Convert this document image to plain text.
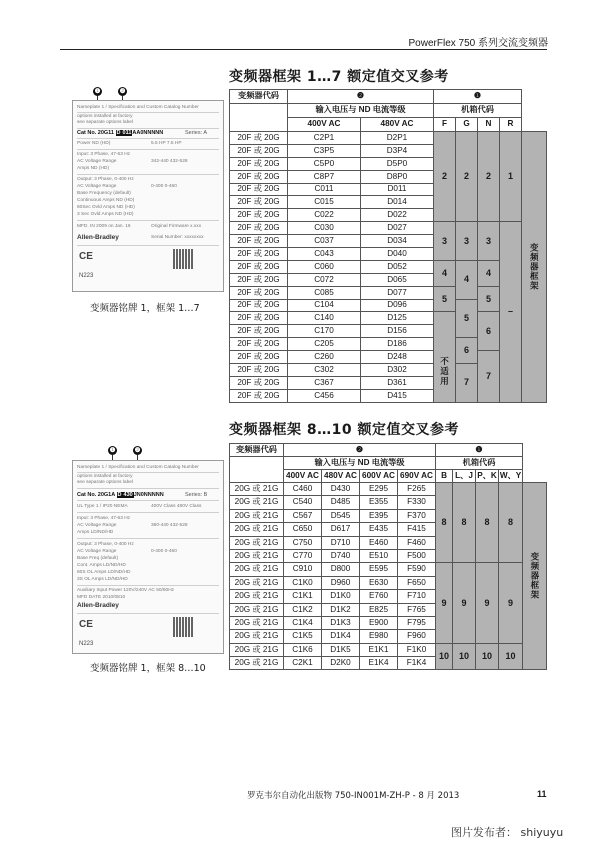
PowerFlex 750 系列交流变频器
变频器框架 1…7 额定值交叉参考
❶	❷
Nameplate 1 / Specification and Custom Catalog Number
options installed at factory
see separate options label
Cat No. 20G11 D 011AA0NNNNN	Series: A
Power ND (HD)	5.5 HP 7.5 HP
Input: 3 Phase, 47-63 Hz
AC Voltage Range	342-440 432-528
Amps ND (HD)
Output: 3 Phase, 0-400 Hz
AC Voltage Range	0-400 0-460
Base Frequency (default)
Continuous Amps ND (HD)
60Sec Ovld Amps ND (HD)
3 Sec Ovld Amps ND (HD)
MFD. IN 2009 on Jan. 16	Original Firmware x.xxx
Allen-Bradley	Serial Number: xxxxxxxx
CE
N223
变频器铭牌 1，框架 1…7
变频器代码	❷		❶				
	输入电压与 ND 电流等级		机箱代码				
	400V AC	480V AC	F	G	N	R	
20F 或 20G	C2P1	D2P1	2	2	2	1	变频器框架
20F 或 20G	C3P5	D3P4					
20F 或 20G	C5P0	D5P0					
20F 或 20G	C8P7	D8P0					
20F 或 20G	C011	D011					
20F 或 20G	C015	D014					
20F 或 20G	C022	D022					
20F 或 20G	C030	D027	3	3	3	–	
20F 或 20G	C037	D034					
20F 或 20G	C043	D040					
20F 或 20G	C060	D052	4	4	4		
20F 或 20G	C072	D065					
20F 或 20G	C085	D077	5		5		
20F 或 20G	C104	D096		5			
20F 或 20G	C140	D125	不适用		6		
20F 或 20G	C170	D156					
20F 或 20G	C205	D186		6			
20F 或 20G	C260	D248			7		
20F 或 20G	C302	D302		7			
20F 或 20G	C367	D361					
20F 或 20G	C456	D415					
变频器框架 8…10 额定值交叉参考
❶	❷
Nameplate 1 / Specification and Custom Catalog Number
options installed at factory
see separate options label
Cat No. 20G1A D 430JN0NNNNN	Series: B
UL Type 1 / IP20 NEMA	400V Class 480V Class
Input: 3 Phase, 47-63 Hz
AC Voltage Range	360-440 432-528
Amps LD/ND/HD
Output: 3 Phase, 0-400 Hz
AC Voltage Range	0-400 0-460
Base Freq (default)
Cont. Amps LD/ND/HD
60S OL Amps LD/ND/HD
3S OL Amps LD/ND/HD
Auxiliary Input Power 120V/240V AC 50/60Hz
MFD DATE 2010/0810
Allen-Bradley
CE
N223
变频器铭牌 1，框架 8…10
变频器代码	❷				❶				
	输入电压与 ND 电流等级				机箱代码				
	400V AC	480V AC	600V AC	690V AC	B	L、J	P、K	W、Y	
20G 或 21G	C460	D430	E295	F265	8	8	8	8	变频器框架
20G 或 21G	C540	D485	E355	F330					
20G 或 21G	C567	D545	E395	F370					
20G 或 21G	C650	D617	E435	F415					
20G 或 21G	C750	D710	E460	F460					
20G 或 21G	C770	D740	E510	F500					
20G 或 21G	C910	D800	E595	F590	9	9	9	9	
20G 或 21G	C1K0	D960	E630	F650					
20G 或 21G	C1K1	D1K0	E760	F710					
20G 或 21G	C1K2	D1K2	E825	F765					
20G 或 21G	C1K4	D1K3	E900	F795					
20G 或 21G	C1K5	D1K4	E980	F960					
20G 或 21G	C1K6	D1K5	E1K1	F1K0	10	10	10	10	
20G 或 21G	C2K1	D2K0	E1K4	F1K4					
罗克韦尔自动化出版物 750-IN001M-ZH-P - 8 月 2013	11
图片发布者： shiyuyu
